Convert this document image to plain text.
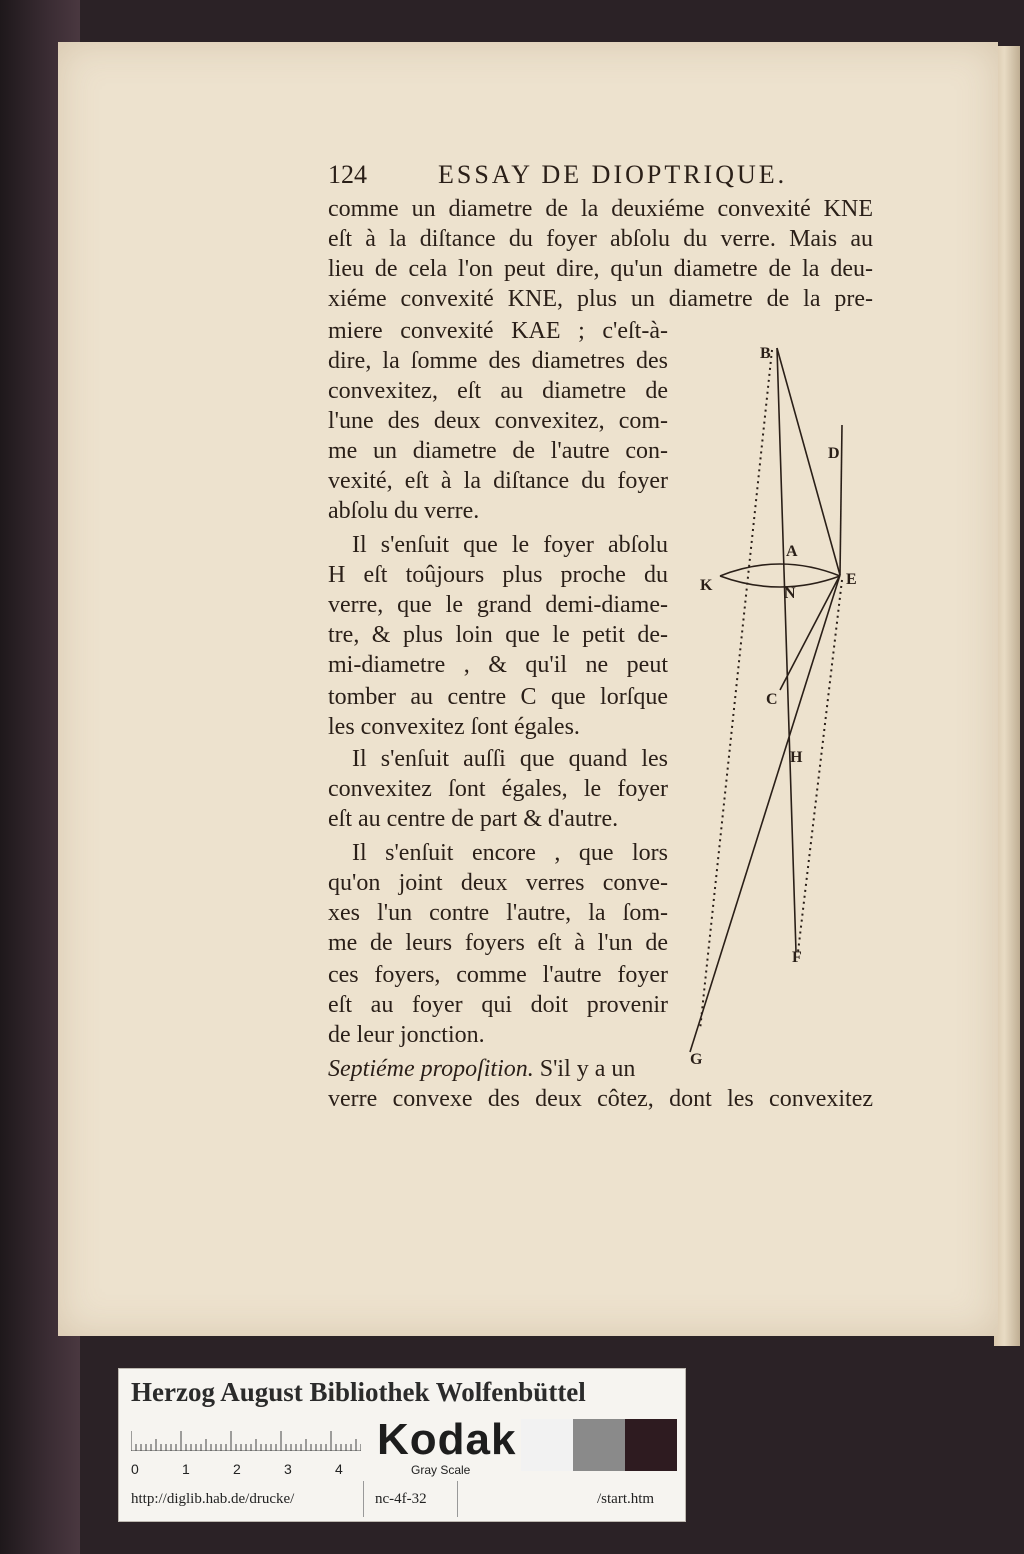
124	ESSAY DE DIOPTRIQUE.
comme un diametre de la deuxiéme convexité KNE
eſt à la diſtance du foyer abſolu du verre. Mais au
lieu de cela l'on peut dire, qu'un diametre de la deu-
xiéme convexité KNE, plus un diametre de la pre-
miere convexité KAE ; c'eſt-à-
dire, la ſomme des diametres des
convexitez, eſt au diametre de
l'une des deux convexitez, com-
me un diametre de l'autre con-
vexité, eſt à la diſtance du foyer
abſolu du verre.
Il s'enſuit que le foyer abſolu
H eſt toûjours plus proche du
verre, que le grand demi-diame-
tre, & plus loin que le petit de-
mi-diametre , & qu'il ne peut
tomber au centre C que lorſque
les convexitez ſont égales.
Il s'enſuit auſſi que quand les
convexitez ſont égales, le foyer
eſt au centre de part & d'autre.
Il s'enſuit encore , que lors
qu'on joint deux verres conve-
xes l'un contre l'autre, la ſom-
me de leurs foyers eſt à l'un de
ces foyers, comme l'autre foyer
eſt au foyer qui doit provenir
de leur jonction.
Septiéme propoſition. S'il y a un
verre convexe des deux côtez, dont les convexitez
B
D
A
K	E
N
C
H
F
G
Herzog August Bibliothek Wolfenbüttel
0	1	2	3	4
Kodak
Gray Scale
http://diglib.hab.de/drucke/	nc-4f-32	/start.htm
